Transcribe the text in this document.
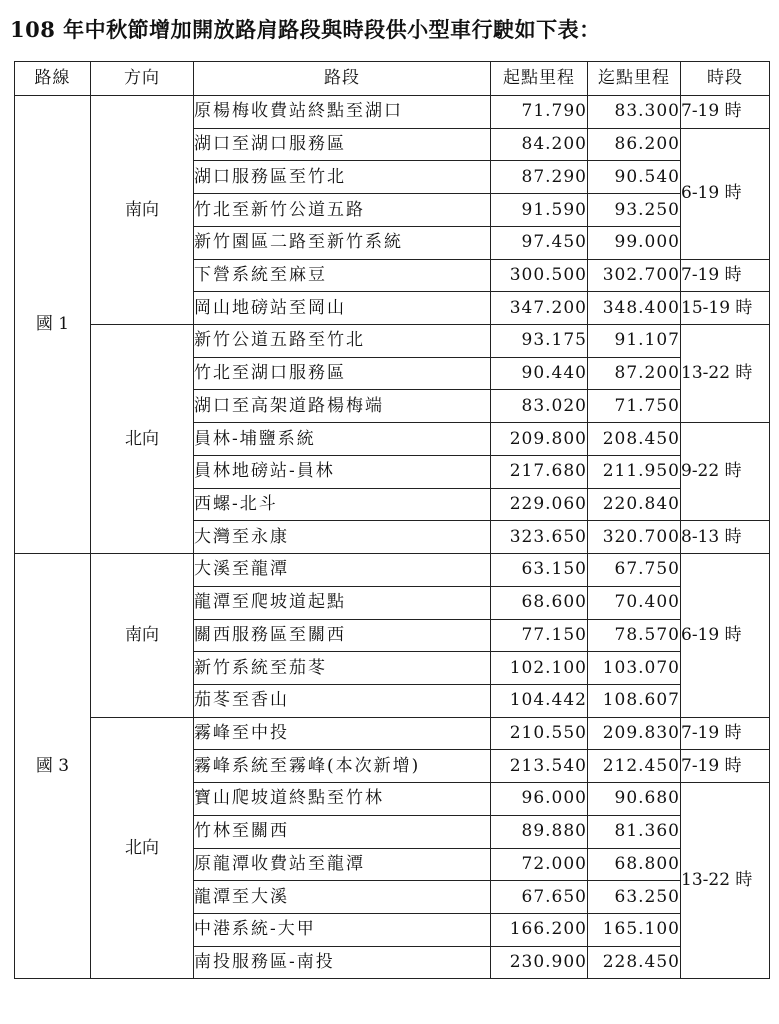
108 年中秋節增加開放路肩路段與時段供小型車行駛如下表：
路線	方向	路段	起點里程	迄點里程	時段
國 1	南向	原楊梅收費站終點至湖口	71.790	83.300	7-19 時
		湖口至湖口服務區	84.200	86.200	6-19 時
		湖口服務區至竹北	87.290	90.540	
		竹北至新竹公道五路	91.590	93.250	
		新竹園區二路至新竹系統	97.450	99.000	
		下營系統至麻豆	300.500	302.700	7-19 時
		岡山地磅站至岡山	347.200	348.400	15-19 時
	北向	新竹公道五路至竹北	93.175	91.107	13-22 時
		竹北至湖口服務區	90.440	87.200	
		湖口至高架道路楊梅端	83.020	71.750	
		員林-埔鹽系統	209.800	208.450	9-22 時
		員林地磅站-員林	217.680	211.950	
		西螺-北斗	229.060	220.840	
		大灣至永康	323.650	320.700	8-13 時
國 3	南向	大溪至龍潭	63.150	67.750	6-19 時
		龍潭至爬坡道起點	68.600	70.400	
		關西服務區至關西	77.150	78.570	
		新竹系統至茄苳	102.100	103.070	
		茄苳至香山	104.442	108.607	
	北向	霧峰至中投	210.550	209.830	7-19 時
		霧峰系統至霧峰(本次新增)	213.540	212.450	7-19 時
		寶山爬坡道終點至竹林	96.000	90.680	13-22 時
		竹林至關西	89.880	81.360	
		原龍潭收費站至龍潭	72.000	68.800	
		龍潭至大溪	67.650	63.250	
		中港系統-大甲	166.200	165.100	
		南投服務區-南投	230.900	228.450	
